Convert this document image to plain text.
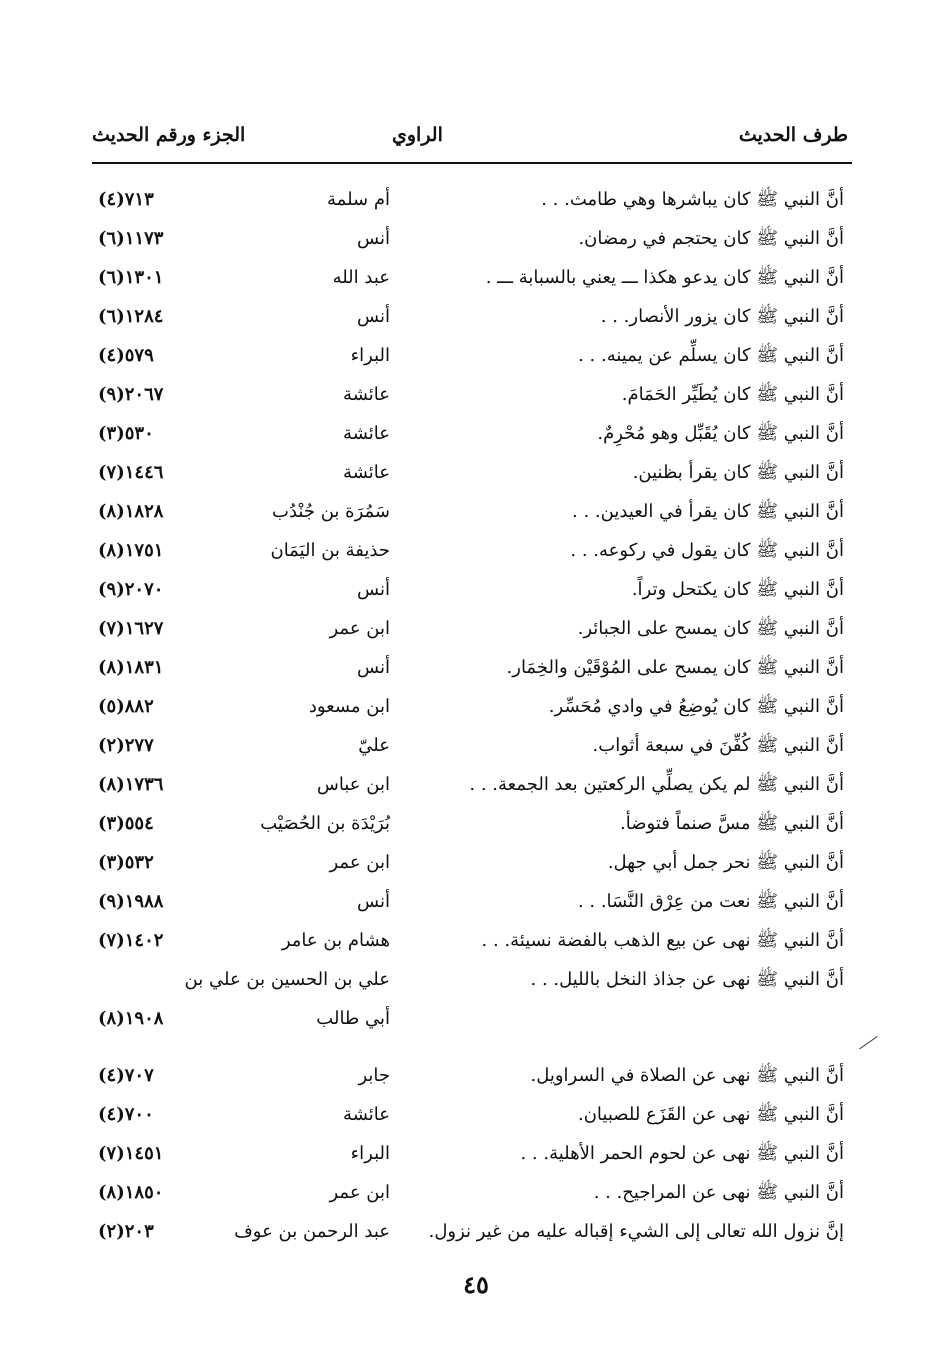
طرف الحديث
الراوي
الجزء ورقم الحديث
أنَّ النبي ﷺ كان يباشرها وهي طامث. . .
أم سلمة
٧١٣(٤)
أنَّ النبي ﷺ كان يحتجم في رمضان.
أنس
١١٧٣(٦)
أنَّ النبي ﷺ كان يدعو هكذا ـــ يعني بالسبابة ـــ .
عبد الله
١٣٠١(٦)
أنَّ النبي ﷺ كان يزور الأنصار. . .
أنس
١٢٨٤(٦)
أنَّ النبي ﷺ كان يسلِّم عن يمينه. . .
البراء
٥٧٩(٤)
أنَّ النبي ﷺ كان يُطَيِّر الحَمَامَ.
عائشة
٢٠٦٧(٩)
أنَّ النبي ﷺ كان يُقَبِّل وهو مُحْرِمٌ.
عائشة
٥٣٠(٣)
أنَّ النبي ﷺ كان يقرأ بظنين.
عائشة
١٤٤٦(٧)
أنَّ النبي ﷺ كان يقرأ في العيدين. . .
سَمُرَة بن جُنْدُب
١٨٢٨(٨)
أنَّ النبي ﷺ كان يقول في ركوعه. . .
حذيفة بن اليَمَان
١٧٥١(٨)
أنَّ النبي ﷺ كان يكتحل وتراً.
أنس
٢٠٧٠(٩)
أنَّ النبي ﷺ كان يمسح على الجبائر.
ابن عمر
١٦٢٧(٧)
أنَّ النبي ﷺ كان يمسح على المُوْقَيْن والخِمَار.
أنس
١٨٣١(٨)
أنَّ النبي ﷺ كان يُوضِعُ في وادي مُحَسِّر.
ابن مسعود
٨٨٢(٥)
أنَّ النبي ﷺ كُفِّنَ في سبعة أثواب.
عليّ
٢٧٧(٢)
أنَّ النبي ﷺ لم يكن يصلِّي الركعتين بعد الجمعة. . .
ابن عباس
١٧٣٦(٨)
أنَّ النبي ﷺ مسَّ صنماً فتوضأ.
بُرَيْدَة بن الحُصَيْب
٥٥٤(٣)
أنَّ النبي ﷺ نحر جمل أبي جهل.
ابن عمر
٥٣٢(٣)
أنَّ النبي ﷺ نعت من عِرْق النَّسَا. . .
أنس
١٩٨٨(٩)
أنَّ النبي ﷺ نهى عن بيع الذهب بالفضة نسيئة. . .
هشام بن عامر
١٤٠٢(٧)
أنَّ النبي ﷺ نهى عن جذاذ النخل بالليل. . .
علي بن الحسين بن علي بن
أبي طالب
١٩٠٨(٨)
أنَّ النبي ﷺ نهى عن الصلاة في السراويل.
جابر
٧٠٧(٤)
أنَّ النبي ﷺ نهى عن القَزَع للصبيان.
عائشة
٧٠٠(٤)
أنَّ النبي ﷺ نهى عن لحوم الحمر الأهلية. . .
البراء
١٤٥١(٧)
أنَّ النبي ﷺ نهى عن المراجيح. . .
ابن عمر
١٨٥٠(٨)
إنَّ نزول الله تعالى إلى الشيء إقباله عليه من غير نزول.
عبد الرحمن بن عوف
٢٠٣(٢)
٤٥
